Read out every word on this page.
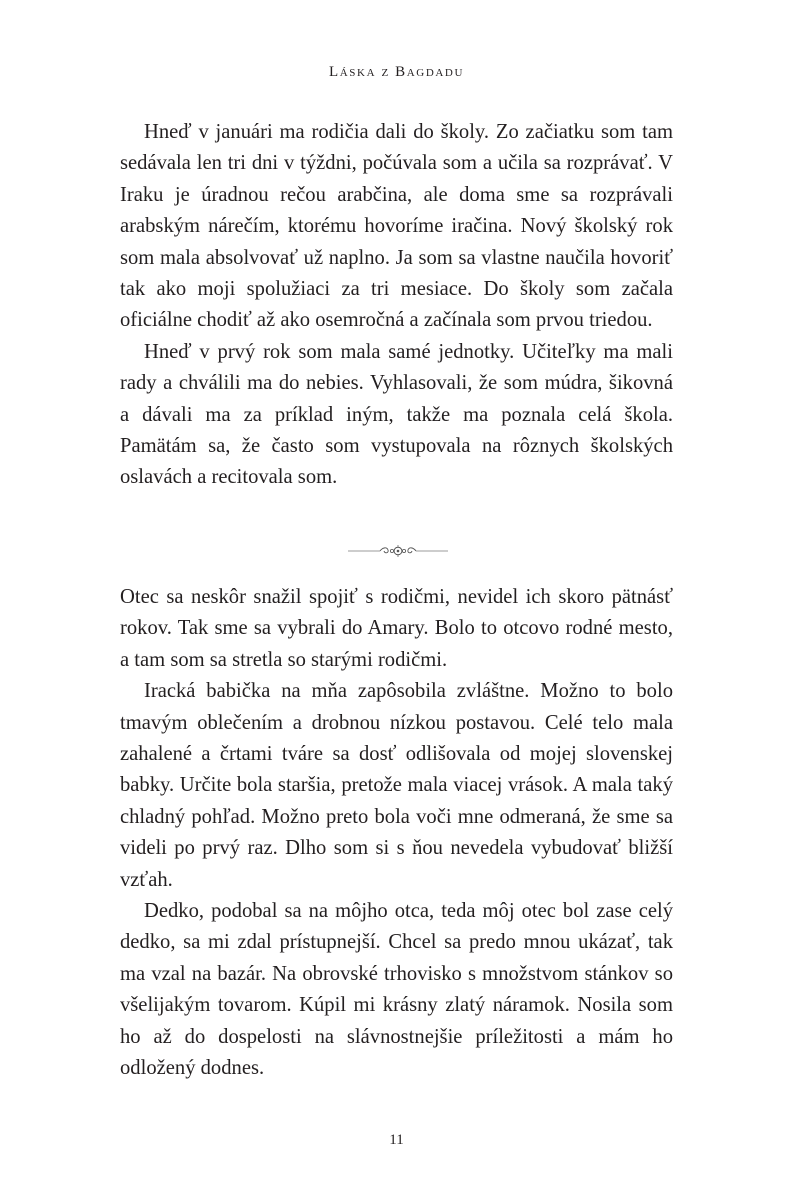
Láska z Bagdadu

Hneď v januári ma rodičia dali do školy. Zo začiatku som tam sedávala len tri dni v týždni, počúvala som a učila sa rozprávať. V Iraku je úradnou rečou arabčina, ale doma sme sa rozprávali arabským nárečím, ktorému hovoríme iračina. Nový školský rok som mala absolvovať už naplno. Ja som sa vlastne naučila hovoriť tak ako moji spolužiaci za tri mesiace. Do školy som začala oficiálne chodiť až ako osemročná a začínala som prvou triedou.

Hneď v prvý rok som mala samé jednotky. Učiteľky ma mali rady a chválili ma do nebies. Vyhlasovali, že som múdra, šikovná a dávali ma za príklad iným, takže ma poznala celá škola. Pamätám sa, že často som vystupovala na rôznych školských oslavách a recitovala som.

Otec sa neskôr snažil spojiť s rodičmi, nevidel ich skoro pätnásť rokov. Tak sme sa vybrali do Amary. Bolo to otcovo rodné mesto, a tam som sa stretla so starými rodičmi.

Iracká babička na mňa zapôsobila zvláštne. Možno to bolo tmavým oblečením a drobnou nízkou postavou. Celé telo mala zahalené a črtami tváre sa dosť odlišovala od mojej slovenskej babky. Určite bola staršia, pretože mala viacej vrások. A mala taký chladný pohľad. Možno preto bola voči mne odmeraná, že sme sa videli po prvý raz. Dlho som si s ňou nevedela vybudovať bližší vzťah.

Dedko, podobal sa na môjho otca, teda môj otec bol zase celý dedko, sa mi zdal prístupnejší. Chcel sa predo mnou ukázať, tak ma vzal na bazár. Na obrovské trhovisko s množstvom stánkov so všelijakým tovarom. Kúpil mi krásny zlatý náramok. Nosila som ho až do dospelosti na slávnostnejšie príležitosti a mám ho odložený dodnes.

11
